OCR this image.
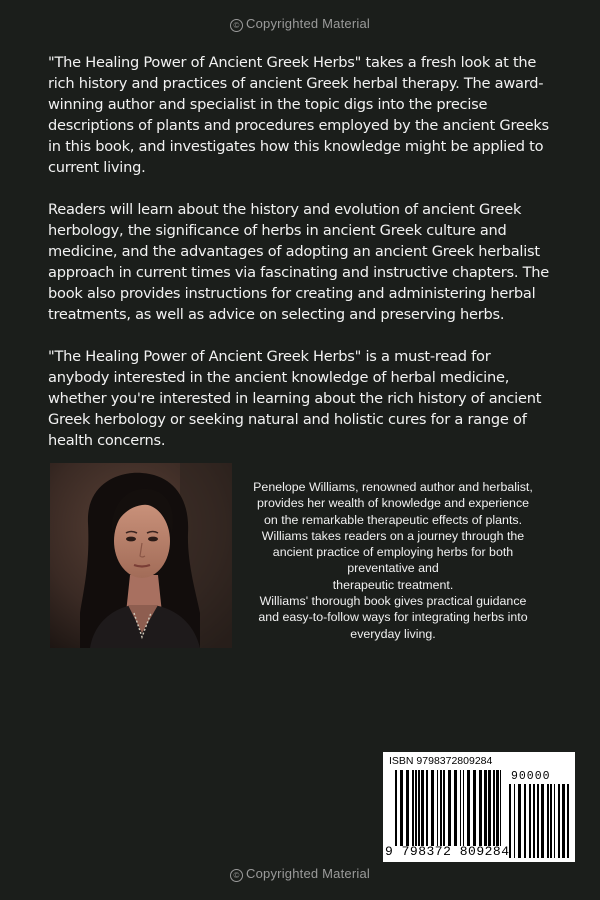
© Copyrighted Material

"The Healing Power of Ancient Greek Herbs" takes a fresh look at the rich history and practices of ancient Greek herbal therapy. The award-winning author and specialist in the topic digs into the precise descriptions of plants and procedures employed by the ancient Greeks in this book, and investigates how this knowledge might be applied to current living.

Readers will learn about the history and evolution of ancient Greek herbology, the significance of herbs in ancient Greek culture and medicine, and the advantages of adopting an ancient Greek herbalist approach in current times via fascinating and instructive chapters. The book also provides instructions for creating and administering herbal treatments, as well as advice on selecting and preserving herbs.

"The Healing Power of Ancient Greek Herbs" is a must-read for anybody interested in the ancient knowledge of herbal medicine, whether you're interested in learning about the rich history of ancient Greek herbology or seeking natural and holistic cures for a range of health concerns.

Penelope Williams, renowned author and herbalist,
provides her wealth of knowledge and experience
on the remarkable therapeutic effects of plants.
Williams takes readers on a journey through the
ancient practice of employing herbs for both
preventative and
therapeutic treatment.
Williams' thorough book gives practical guidance
and easy-to-follow ways for integrating herbs into
everyday living.
ISBN 9798372809284
9 798372 809284
90000
© Copyrighted Material
